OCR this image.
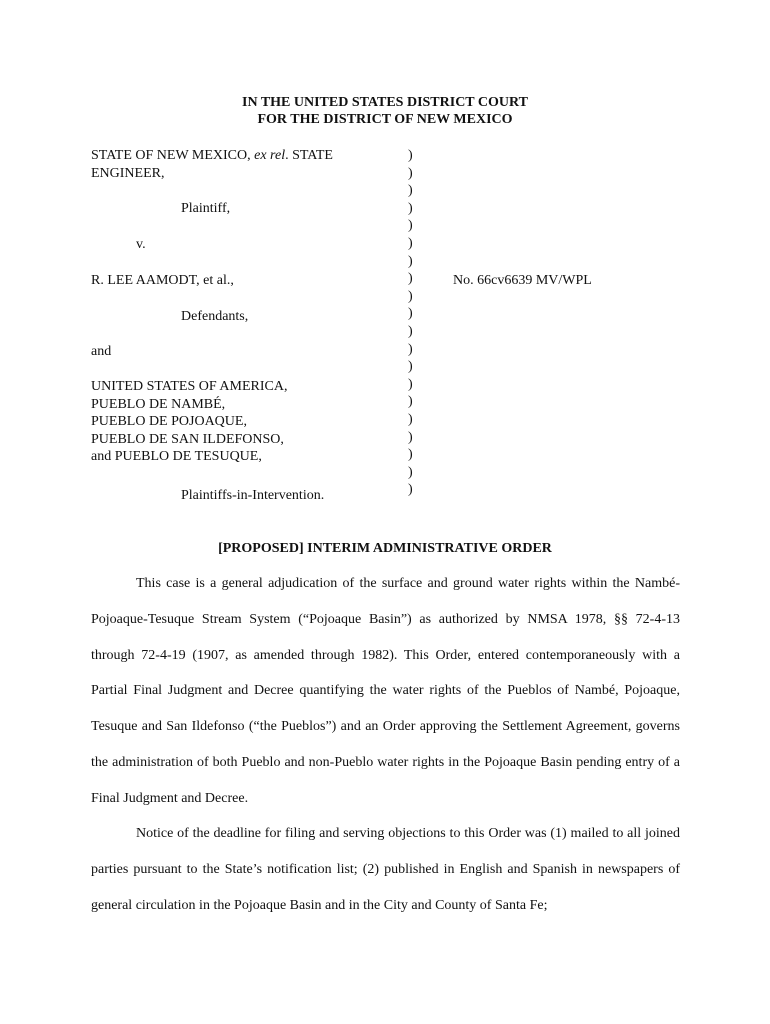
IN THE UNITED STATES DISTRICT COURT
FOR THE DISTRICT OF NEW MEXICO
STATE OF NEW MEXICO, ex rel. STATE
ENGINEER,
Plaintiff,
v.
R. LEE AAMODT, et al.,
Defendants,
and
UNITED STATES OF AMERICA,
PUEBLO DE NAMBÉ,
PUEBLO DE POJOAQUE,
PUEBLO DE SAN ILDEFONSO,
and PUEBLO DE TESUQUE,
Plaintiffs-in-Intervention.
)
)
)
)
)
)
)
)
)
)
)
)
)
)
)
)
)
)
)
)
No. 66cv6639 MV/WPL
[PROPOSED] INTERIM ADMINISTRATIVE ORDER

This case is a general adjudication of the surface and ground water rights within the Nambé-Pojoaque-Tesuque Stream System (“Pojoaque Basin”) as authorized by NMSA 1978, §§ 72-4-13 through 72-4-19 (1907, as amended through 1982). This Order, entered contemporaneously with a Partial Final Judgment and Decree quantifying the water rights of the Pueblos of Nambé, Pojoaque, Tesuque and San Ildefonso (“the Pueblos”) and an Order approving the Settlement Agreement, governs the administration of both Pueblo and non-Pueblo water rights in the Pojoaque Basin pending entry of a Final Judgment and Decree.

Notice of the deadline for filing and serving objections to this Order was (1) mailed to all joined parties pursuant to the State’s notification list; (2) published in English and Spanish in newspapers of general circulation in the Pojoaque Basin and in the City and County of Santa Fe;
